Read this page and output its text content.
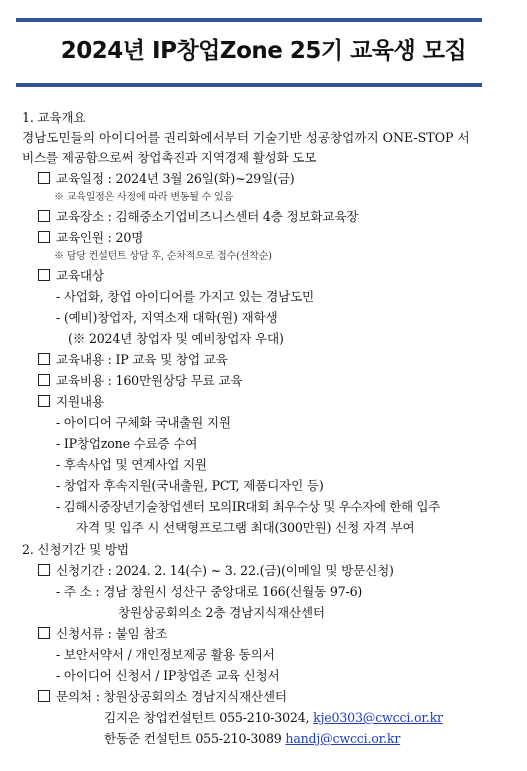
2024년 IP창업Zone 25기 교육생 모집
1. 교육개요
경남도민들의 아이디어를 권리화에서부터 기술기반 성공창업까지 ONE-STOP 서
비스를 제공함으로써 창업촉진과 지역경제 활성화 도모
교육일정 : 2024년 3월 26일(화)~29일(금)
※ 교육일정은 사정에 따라 변동될 수 있음
교육장소 : 김해중소기업비즈니스센터 4층 정보화교육장
교육인원 : 20명
※ 담당 컨설턴트 상담 후, 순차적으로 접수(선착순)
교육대상
- 사업화, 창업 아이디어를 가지고 있는 경남도민
- (예비)창업자, 지역소재 대학(원) 재학생
(※ 2024년 창업자 및 예비창업자 우대)
교육내용 : IP 교육 및 창업 교육
교육비용 : 160만원상당 무료 교육
지원내용
- 아이디어 구체화 국내출원 지원
- IP창업zone 수료증 수여
- 후속사업 및 연계사업 지원
- 창업자 후속지원(국내출원, PCT, 제품디자인 등)
- 김해시중장년기술창업센터 모의IR대회 최우수상 및 우수자에 한해 입주
자격 및 입주 시 선택형프로그램 최대(300만원) 신청 자격 부여
2. 신청기간 및 방법
신청기간 : 2024. 2. 14(수) ~ 3. 22.(금)(이메일 및 방문신청)
- 주 소 : 경남 창원시 성산구 중앙대로 166(신월동 97-6)
창원상공회의소 2층 경남지식재산센터
신청서류 : 붙임 참조
- 보안서약서 / 개인정보제공 활용 동의서
- 아이디어 신청서 / IP창업존 교육 신청서
문의처 : 창원상공회의소 경남지식재산센터
김지은 창업컨설턴트 055-210-3024, kje0303@cwcci.or.kr
한동준 컨설턴트 055-210-3089 handj@cwcci.or.kr
